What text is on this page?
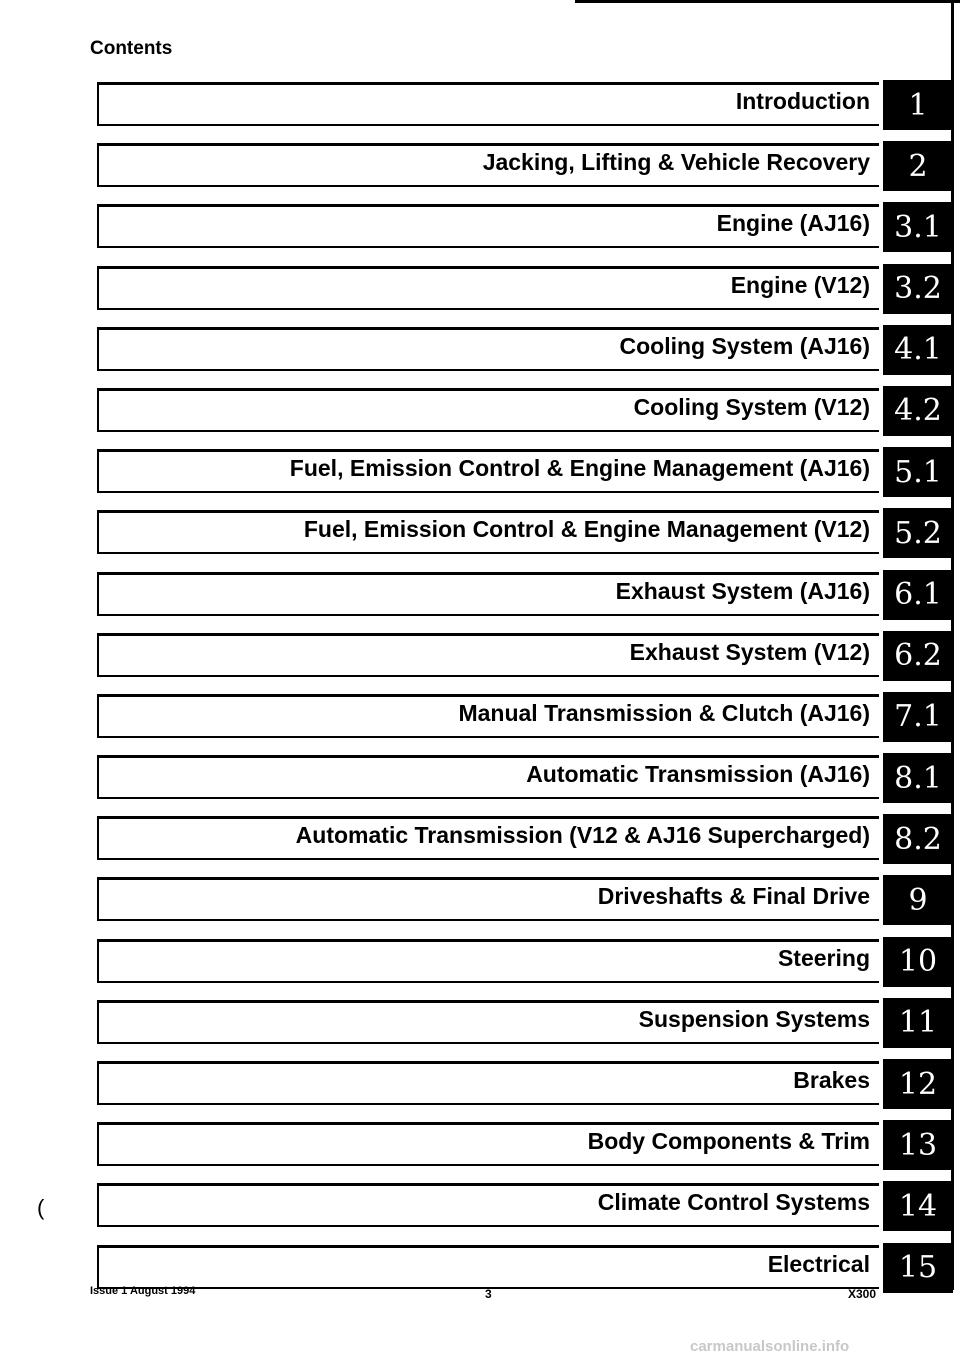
Contents
Introduction	1
Jacking, Lifting & Vehicle Recovery	2
Engine (AJ16) 3.1
Engine (V12) 3.2
Cooling System (AJ16) 4.1
Cooling System (V12) 4.2
Fuel, Emission Control & Engine Management (AJ16) 5.1
Fuel, Emission Control & Engine Management (V12) 5.2
Exhaust System (AJ16) 6.1
Exhaust System (V12) 6.2
Manual Transmission & Clutch (AJ16) 7.1
Automatic Transmission (AJ16) 8.1
Automatic Transmission (V12 & AJ16 Supercharged) 8.2
Driveshafts & Final Drive	9
Steering 10
Suspension Systems 11
Brakes 12
Body Components & Trim 13
Climate Control Systems 14
Electrical 15
(
Issue 1 August 1994	3	X300
carmanualsonline.info
